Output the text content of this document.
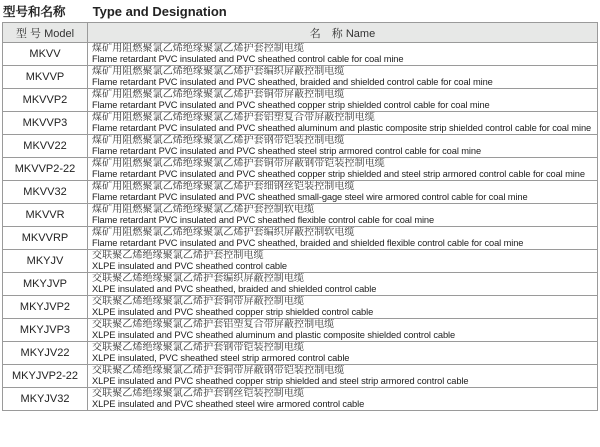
型号和名称 Type and Designation
型 号 Model	名　称 Name
MKVV	煤矿用阻燃聚氯乙烯绝缘聚氯乙烯护套控制电缆
Flame retardant PVC insulated and PVC sheathed control cable for coal mine

MKVVP	煤矿用阻燃聚氯乙烯绝缘聚氯乙烯护套编织屏蔽控制电缆
Flame retardant PVC insulated and PVC sheathed, braided and shielded control cable for coal mine

MKVVP2	煤矿用阻燃聚氯乙烯绝缘聚氯乙烯护套铜带屏蔽控制电缆
Flame retardant PVC insulated and PVC sheathed copper strip shielded control cable for coal mine

MKVVP3	煤矿用阻燃聚氯乙烯绝缘聚氯乙烯护套铝塑复合带屏蔽控制电缆
Flame retardant PVC insulated and PVC sheathed aluminum and plastic composite strip shielded control cable for coal mine

MKVV22	煤矿用阻燃聚氯乙烯绝缘聚氯乙烯护套钢带铠装控制电缆
Flame retardant PVC insulated and PVC sheathed steel strip armored control cable for coal mine

MKVVP2-22	煤矿用阻燃聚氯乙烯绝缘聚氯乙烯护套铜带屏蔽钢带铠装控制电缆
Flame retardant PVC insulated and PVC sheathed copper strip shielded and steel strip armored control cable for coal mine

MKVV32	煤矿用阻燃聚氯乙烯绝缘聚氯乙烯护套细钢丝铠装控制电缆
Flame retardant PVC insulated and PVC sheathed small-gage steel wire armored control cable for coal mine

MKVVR	煤矿用阻燃聚氯乙烯绝缘聚氯乙烯护套控制软电缆
Flame retardant PVC insulated and PVC sheathed flexible control cable for coal mine

MKVVRP	煤矿用阻燃聚氯乙烯绝缘聚氯乙烯护套编织屏蔽控制软电缆
Flame retardant PVC insulated and PVC sheathed, braided and shielded flexible control cable for coal mine

MKYJV	交联聚乙烯绝缘聚氯乙烯护套控制电缆
XLPE insulated and PVC sheathed control cable

MKYJVP	交联聚乙烯绝缘聚氯乙烯护套编织屏蔽控制电缆
XLPE insulated and PVC sheathed, braided and shielded control cable

MKYJVP2	交联聚乙烯绝缘聚氯乙烯护套铜带屏蔽控制电缆
XLPE insulated and PVC sheathed copper strip shielded control cable

MKYJVP3	交联聚乙烯绝缘聚氯乙烯护套铝塑复合带屏蔽控制电缆
XLPE insulated and PVC sheathed aluminum and plastic composite shielded control cable

MKYJV22	交联聚乙烯绝缘聚氯乙烯护套钢带铠装控制电缆
XLPE insulated, PVC sheathed steel strip armored control cable

MKYJVP2-22	交联聚乙烯绝缘聚氯乙烯护套铜带屏蔽钢带铠装控制电缆
XLPE insulated and PVC sheathed copper strip shielded and steel strip armored control cable

MKYJV32	交联聚乙烯绝缘聚氯乙烯护套钢丝铠装控制电缆
XLPE insulated and PVC sheathed steel wire armored control cable
